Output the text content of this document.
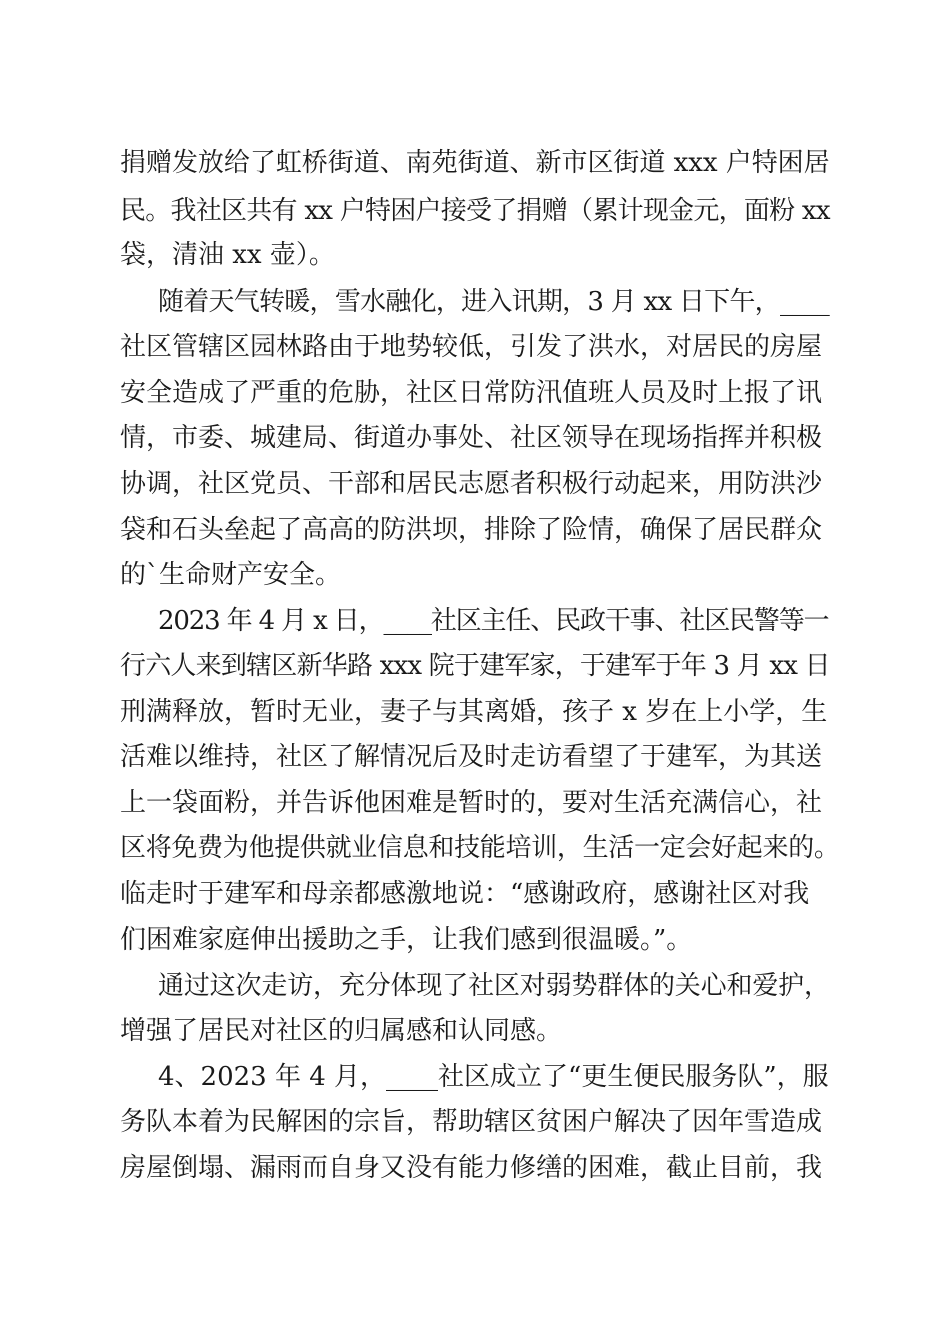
捐赠发放给了虹桥街道、南苑街道、新市区街道 xxx 户特困居
民。我社区共有 xx 户特困户接受了捐赠（累计现金元，面粉 xx
袋，清油 xx 壶）。
随着天气转暖，雪水融化，进入讯期，3 月 xx 日下午，____
社区管辖区园林路由于地势较低，引发了洪水，对居民的房屋
安全造成了严重的危胁，社区日常防汛值班人员及时上报了讯
情，市委、城建局、街道办事处、社区领导在现场指挥并积极
协调，社区党员、干部和居民志愿者积极行动起来，用防洪沙
袋和石头垒起了高高的防洪坝，排除了险情，确保了居民群众
的`生命财产安全。
2023 年 4 月 x 日，____社区主任、民政干事、社区民警等一
行六人来到辖区新华路 xxx 院于建军家，于建军于年 3 月 xx 日
刑满释放，暂时无业，妻子与其离婚，孩子 x 岁在上小学，生
活难以维持，社区了解情况后及时走访看望了于建军，为其送
上一袋面粉，并告诉他困难是暂时的，要对生活充满信心，社
区将免费为他提供就业信息和技能培训，生活一定会好起来的。
临走时于建军和母亲都感激地说：“感谢政府，感谢社区对我
们困难家庭伸出援助之手，让我们感到很温暖。”。
通过这次走访，充分体现了社区对弱势群体的关心和爱护，
增强了居民对社区的归属感和认同感。
4、2023 年 4 月，____社区成立了“更生便民服务队”，服
务队本着为民解困的宗旨，帮助辖区贫困户解决了因年雪造成
房屋倒塌、漏雨而自身又没有能力修缮的困难，截止目前，我
